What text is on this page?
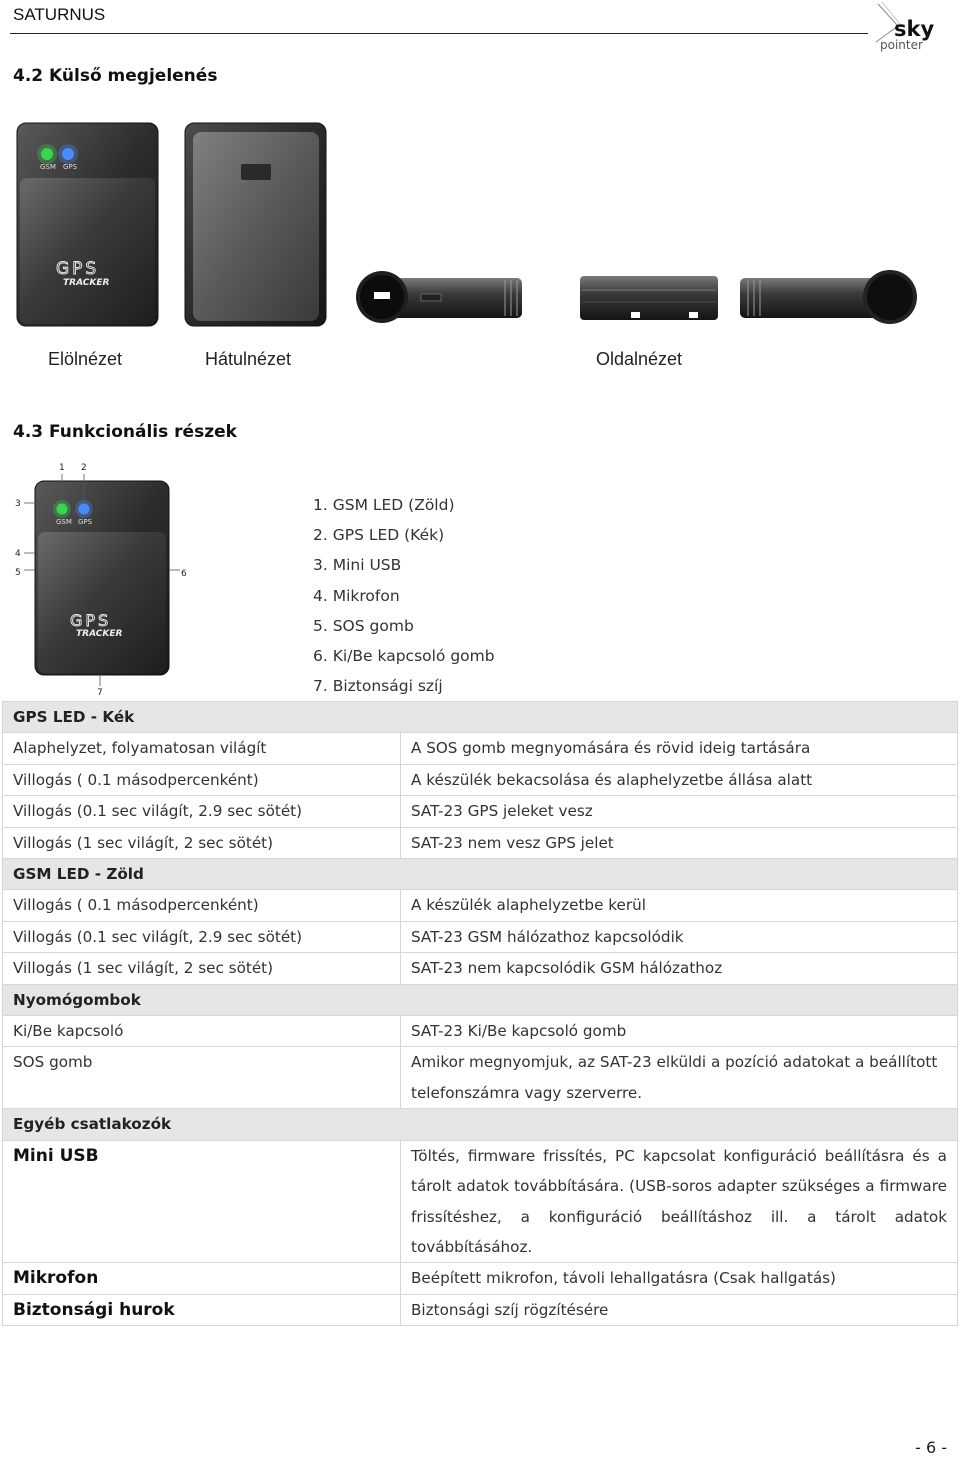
SATURNUS
sky
pointer
4.2 Külső megjelenés
GSM GPS
GPS
TRACKER
Elölnézet	Hátulnézet	Oldalnézet
4.3 Funkcionális részek
GSM GPS
GPS
TRACKER
1 2
3
4
5	6
7
1. GSM LED (Zöld)
2. GPS LED (Kék)
3. Mini USB
4. Mikrofon
5. SOS gomb
6. Ki/Be kapcsoló gomb
7. Biztonsági szíj
GPS LED - Kék	
Alaphelyzet, folyamatosan világít	A SOS gomb megnyomására és rövid ideig tartására
Villogás ( 0.1 másodpercenként)	A készülék bekacsolása és alaphelyzetbe állása alatt
Villogás (0.1 sec világít, 2.9 sec sötét)	SAT-23 GPS jeleket vesz
Villogás (1 sec világít, 2 sec sötét)	SAT-23 nem vesz GPS jelet
GSM LED - Zöld	
Villogás ( 0.1 másodpercenként)	A készülék alaphelyzetbe kerül
Villogás (0.1 sec világít, 2.9 sec sötét)	SAT-23 GSM hálózathoz kapcsolódik
Villogás (1 sec világít, 2 sec sötét)	SAT-23 nem kapcsolódik GSM hálózathoz
Nyomógombok	
Ki/Be kapcsoló	SAT-23 Ki/Be kapcsoló gomb
SOS gomb	Amikor megnyomjuk, az SAT-23 elküldi a pozíció adatokat a beállított telefonszámra vagy szerverre.
Egyéb csatlakozók	
Mini USB	Töltés, firmware frissítés, PC kapcsolat konfiguráció beállításra és a tárolt adatok továbbítására. (USB-soros adapter szükséges a firmware frissítéshez, a konfiguráció beállításhoz ill. a tárolt adatok továbbításához.
Mikrofon	Beépített mikrofon, távoli lehallgatásra (Csak hallgatás)
Biztonsági hurok	Biztonsági szíj rögzítésére
- 6 -
